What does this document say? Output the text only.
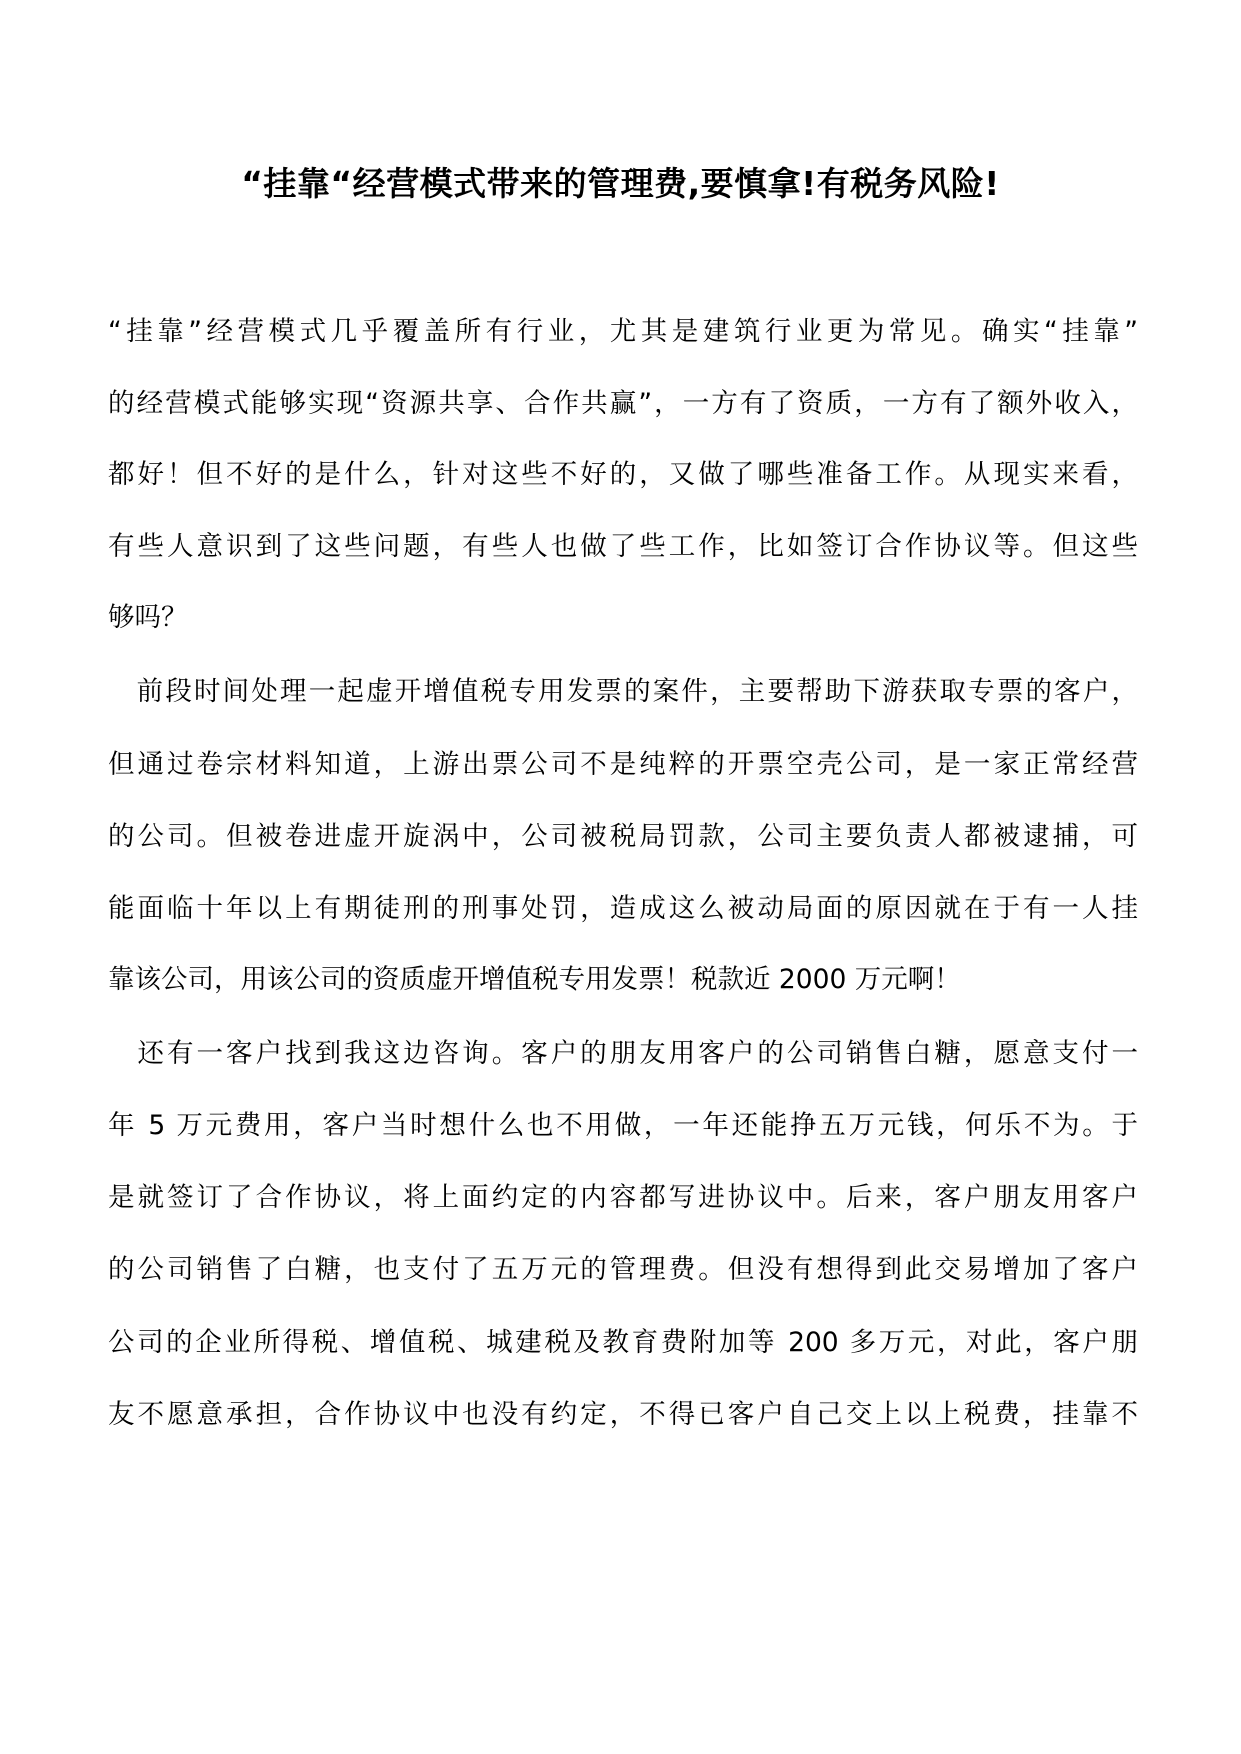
“挂靠“经营模式带来的管理费,要慎拿!有税务风险!
“挂靠”经营模式几乎覆盖所有行业，尤其是建筑行业更为常见。确实“挂靠”
的经营模式能够实现“资源共享、合作共赢”，一方有了资质，一方有了额外收入，
都好！但不好的是什么，针对这些不好的，又做了哪些准备工作。从现实来看，
有些人意识到了这些问题，有些人也做了些工作，比如签订合作协议等。但这些
够吗？
　前段时间处理一起虚开增值税专用发票的案件，主要帮助下游获取专票的客户，
但通过卷宗材料知道，上游出票公司不是纯粹的开票空壳公司，是一家正常经营
的公司。但被卷进虚开旋涡中，公司被税局罚款，公司主要负责人都被逮捕，可
能面临十年以上有期徒刑的刑事处罚，造成这么被动局面的原因就在于有一人挂
靠该公司，用该公司的资质虚开增值税专用发票！税款近 2000 万元啊！
　还有一客户找到我这边咨询。客户的朋友用客户的公司销售白糖，愿意支付一
年 5 万元费用，客户当时想什么也不用做，一年还能挣五万元钱，何乐不为。于
是就签订了合作协议，将上面约定的内容都写进协议中。后来，客户朋友用客户
的公司销售了白糖，也支付了五万元的管理费。但没有想得到此交易增加了客户
公司的企业所得税、增值税、城建税及教育费附加等 200 多万元，对此，客户朋
友不愿意承担，合作协议中也没有约定，不得已客户自己交上以上税费，挂靠不
